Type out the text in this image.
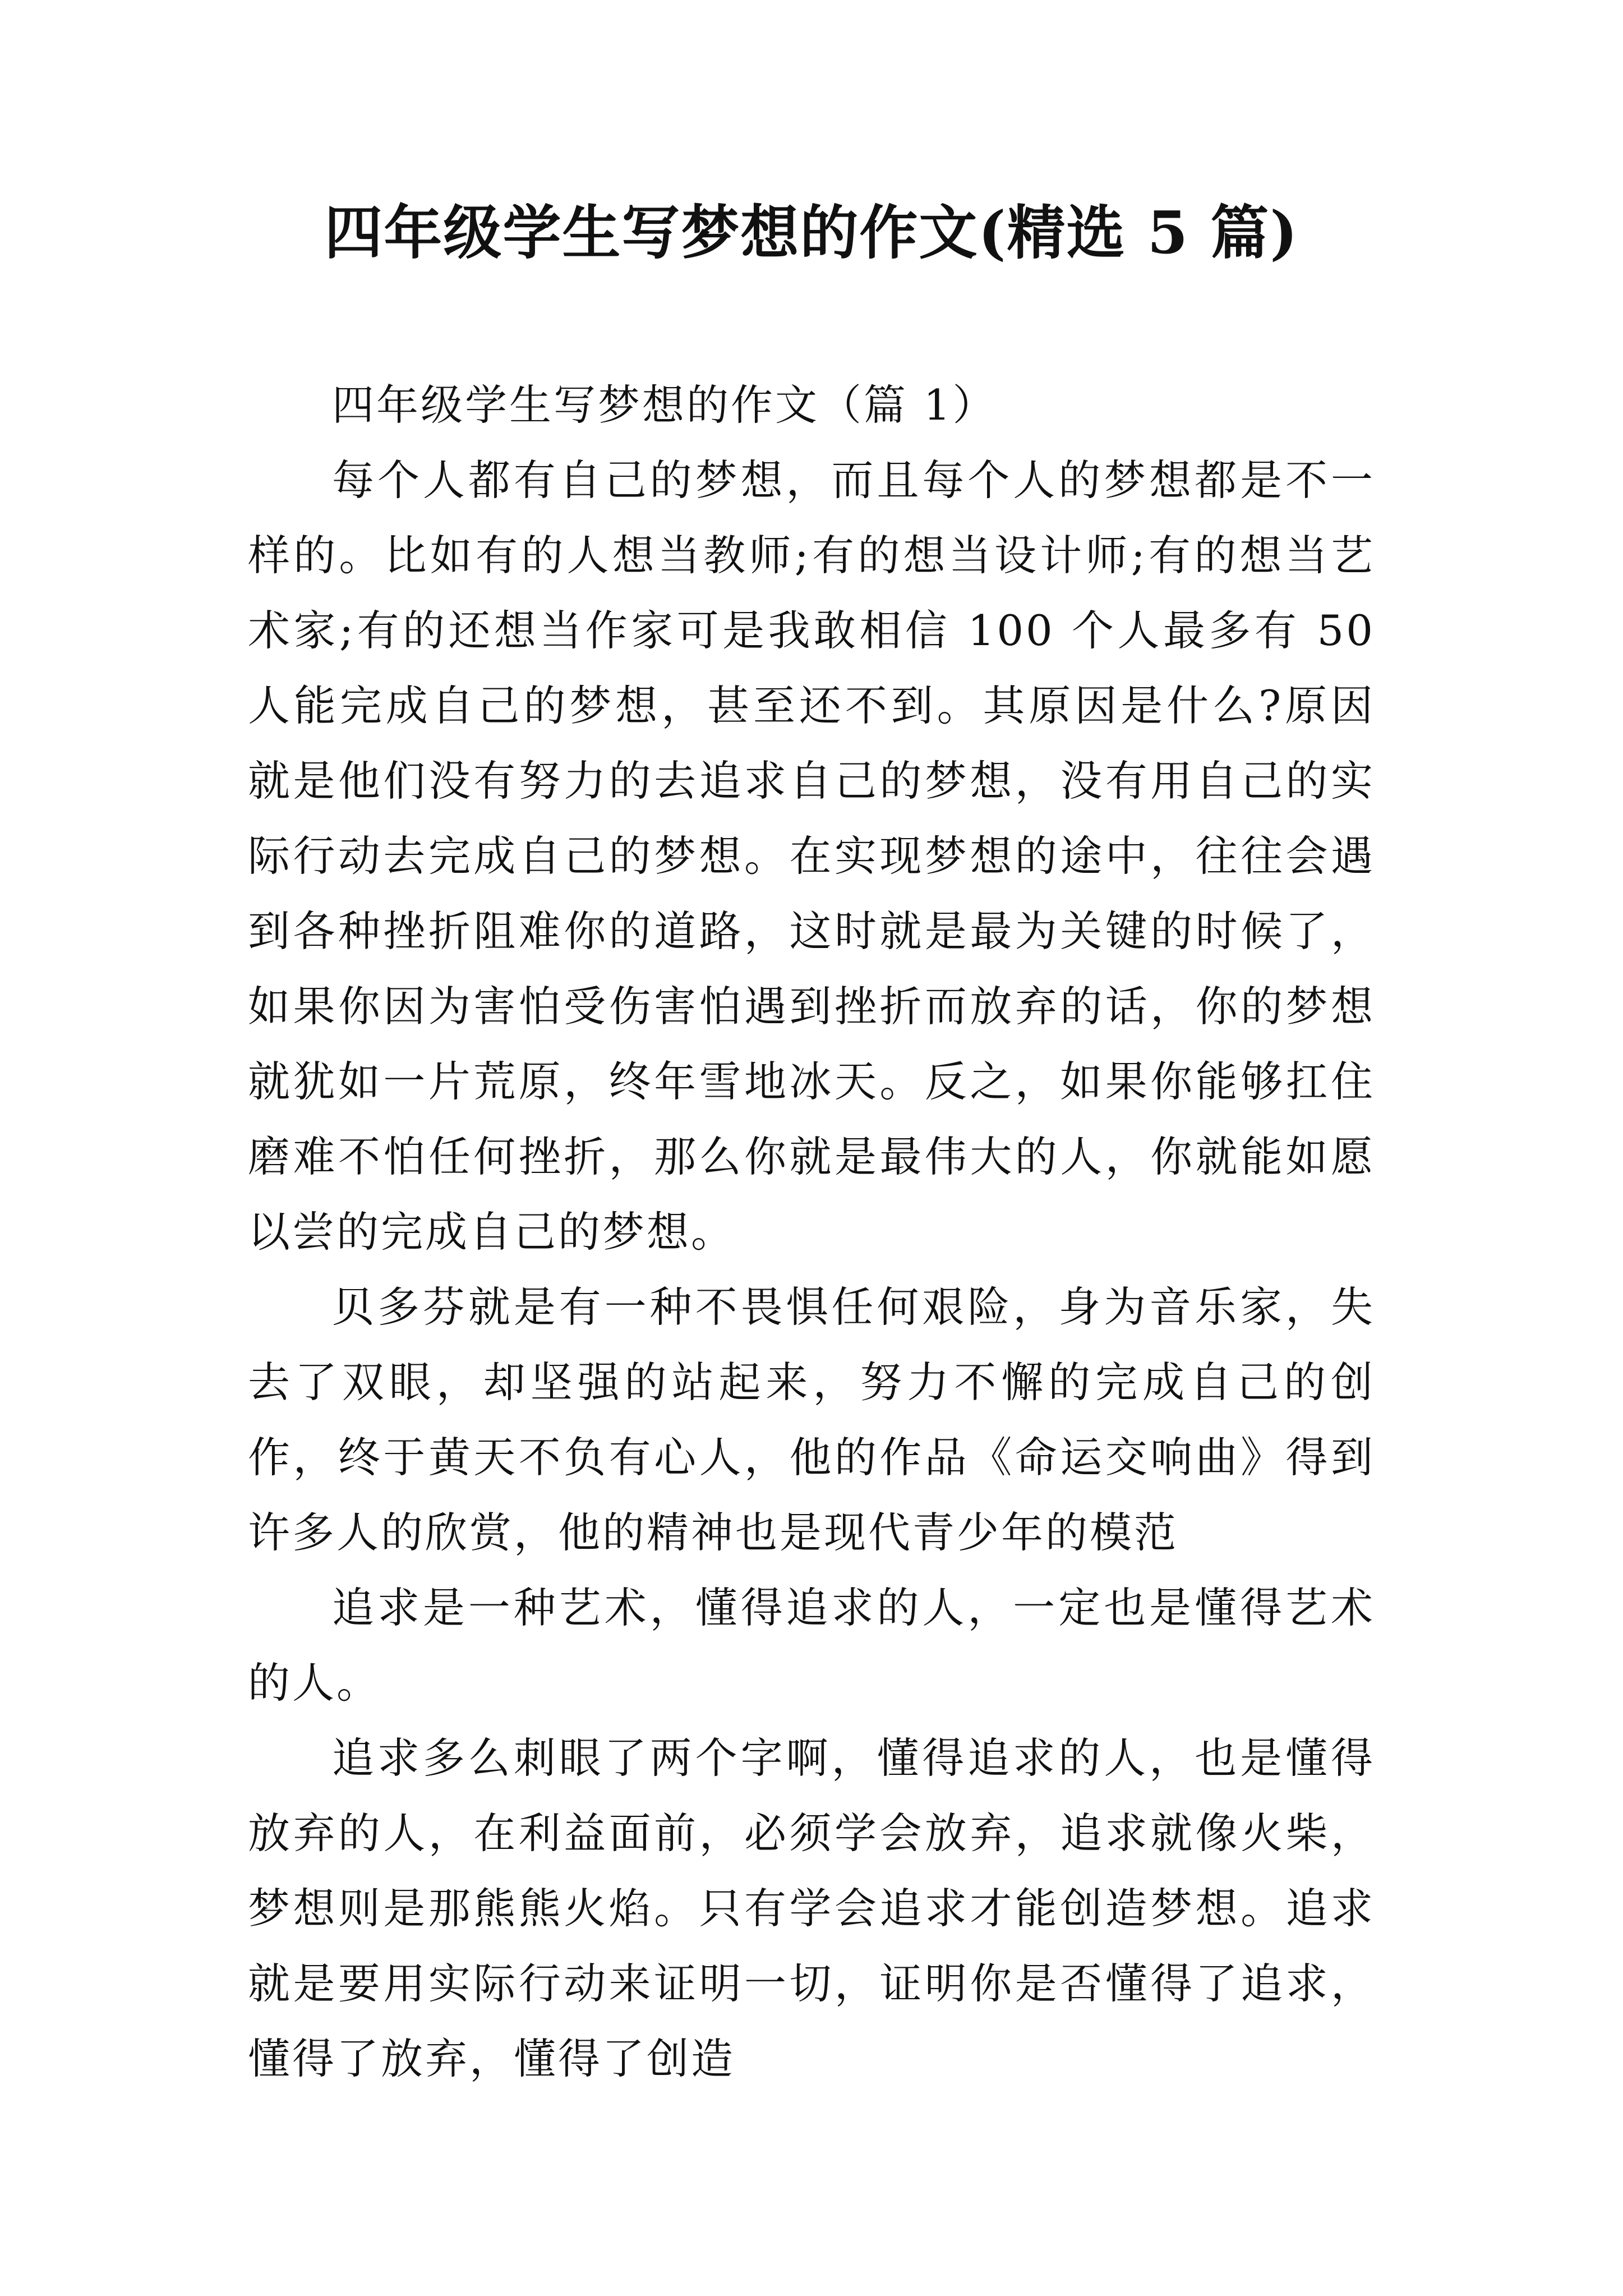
四年级学生写梦想的作文(精选 5 篇)

四年级学生写梦想的作文（篇 1）

每个人都有自己的梦想，而且每个人的梦想都是不一样的。比如有的人想当教师;有的想当设计师;有的想当艺术家;有的还想当作家可是我敢相信 100 个人最多有 50 人能完成自己的梦想，甚至还不到。其原因是什么?原因就是他们没有努力的去追求自己的梦想，没有用自己的实际行动去完成自己的梦想。在实现梦想的途中，往往会遇到各种挫折阻难你的道路，这时就是最为关键的时候了，如果你因为害怕受伤害怕遇到挫折而放弃的话，你的梦想就犹如一片荒原，终年雪地冰天。反之，如果你能够扛住磨难不怕任何挫折，那么你就是最伟大的人，你就能如愿以尝的完成自己的梦想。

贝多芬就是有一种不畏惧任何艰险，身为音乐家，失去了双眼，却坚强的站起来，努力不懈的完成自己的创作，终于黄天不负有心人，他的作品《命运交响曲》得到许多人的欣赏，他的精神也是现代青少年的模范

追求是一种艺术，懂得追求的人，一定也是懂得艺术的人。

追求多么刺眼了两个字啊，懂得追求的人，也是懂得放弃的人，在利益面前，必须学会放弃，追求就像火柴，梦想则是那熊熊火焰。只有学会追求才能创造梦想。追求就是要用实际行动来证明一切，证明你是否懂得了追求，懂得了放弃，懂得了创造
